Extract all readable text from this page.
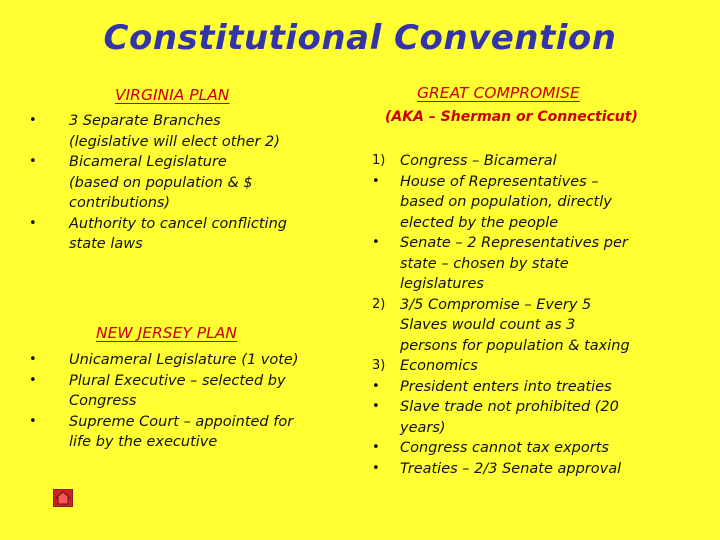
Constitutional Convention
VIRGINIA PLAN
• 3 Separate Branches
(legislative will elect other 2)
• Bicameral Legislature
(based on population & $
contributions)
• Authority to cancel conflicting
state laws
NEW JERSEY PLAN
• Unicameral Legislature (1 vote)
• Plural Executive – selected by
Congress
• Supreme Court – appointed for
life by the executive
GREAT COMPROMISE
(AKA – Sherman or Connecticut)
1) Congress – Bicameral
• House of Representatives –
based on population, directly
elected by the people
• Senate – 2 Representatives per
state – chosen by state
legislatures
2) 3/5 Compromise – Every 5
Slaves would count as 3
persons for population & taxing
3) Economics
• President enters into treaties
• Slave trade not prohibited (20
years)
• Congress cannot tax exports
• Treaties – 2/3 Senate approval
